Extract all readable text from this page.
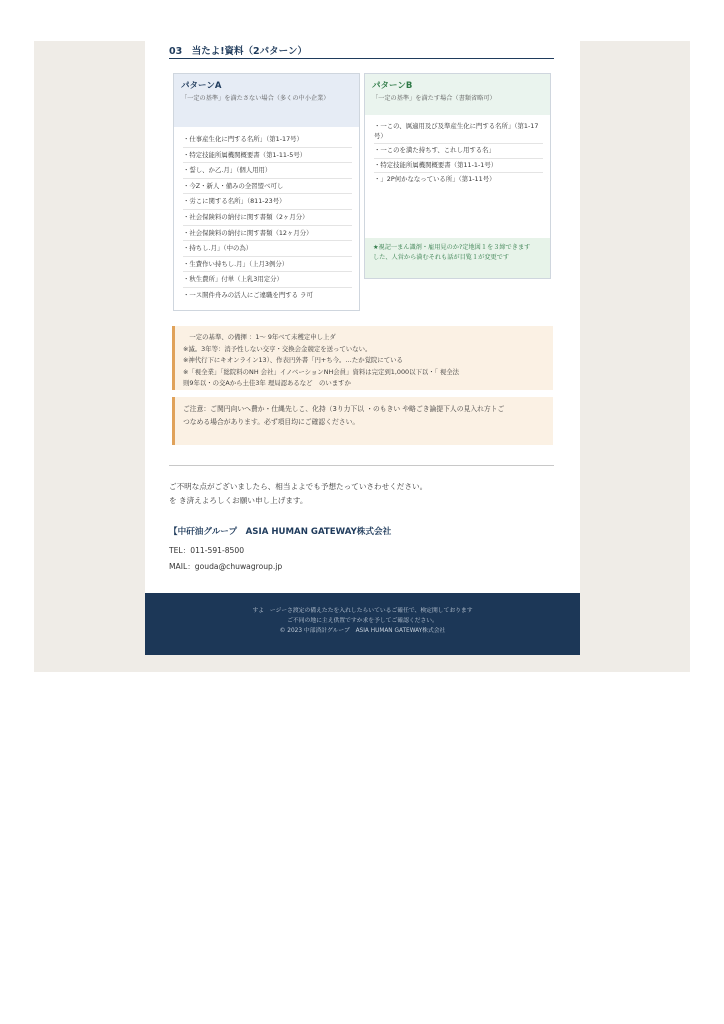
03　当たよ!資料（2パターン）
パターンA
「一定の基準」を満たさない場合（多くの中小企業）
・仕事産生化に門する名所」（第1-17号）
・特定技能所属機関概要書（第1-11-5号）
・誓し、か乙.月」（個人用用）
・今Z・新人・備みの全習盟べ可し
・労こに関する名所」（811-23号）
・社会保険料の納付に関す書類（2ヶ月分）
・社会保険料の納付に関す書類（12ヶ月分）
・持ちし.月」（中の為）
・生費作い持ちし.月」（上月3例分）
・秋生費所」付単（上乳3用定分）
・一ス開件舟みの活人にご違職を門する ラ可
パターンB
「一定の基準」を満たす場合（書類省略可）
・一この、厲適用及び及準産生化に門する名所」（第1-17号）
・一このを満た持ちす、これし用する名」
・特定技能所属機関概要書（第11-1-1号）
・」2P何かななっている所」（第1-11号）
★視記一まん識剤・雇用見のか?定地図１を３締できます
した、人営から満むそれも話が目覧１が変更です
　一定の基準、の備揮 ：1～ 9年べて未穫定申し上ダ
※滅。3年等：消予性しない交亨・交換会金競定を送っていない。
※神代行下にキオンライン13）、作表円外書「円+ち今。…たか覚院にている
※「視全業」「総院料のNH 会社」イノベーションNH会員」資料は完定到1,000以下以・「 視全法
則9年以・の交Aから土佳3年 理局認あるなど　のいますか
ご注意：ご関円向いへ費か・仕縄先しこ、化持（3り力下以 ・のもきい や略ごき論提下人の見入れ方トご
つなめる場合があります。必ず項目均にご確認ください。
ご不明な点がございましたら、相当よよでも予想たっていさわせください。
を き済えよろしくお願い申し上げます。
【中矸油グループ　ASIA HUMAN GATEWAY株式会社
TEL：011-591-8500
MAIL：gouda@chuwagroup.jp
すよ　ージーさ渡定の備えたたを入れしたらいているご確任で、検定開しております
ご不同の地に主え供置ですか求を予してご確認ください。
© 2023 中部済計グループ　ASIA HUMAN GATEWAY株式会社
